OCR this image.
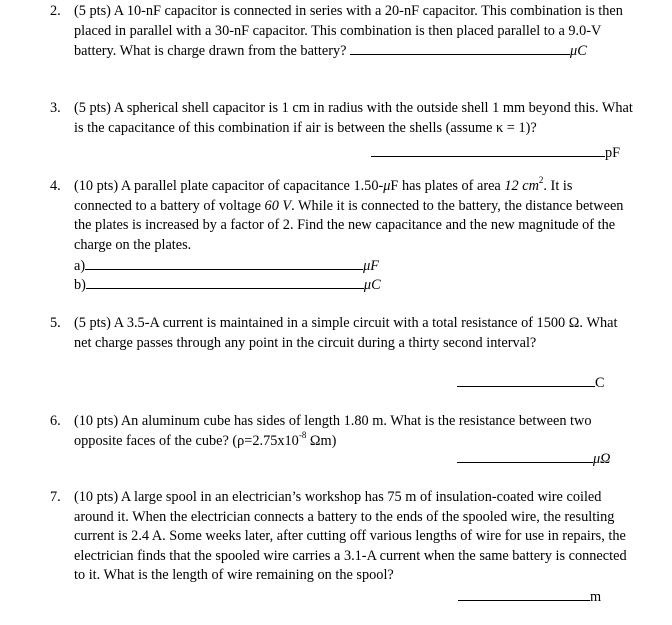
2. (5 pts) A 10-nF capacitor is connected in series with a 20-nF capacitor. This combination is then
placed in parallel with a 30-nF capacitor. This combination is then placed parallel to a 9.0-V
battery. What is charge drawn from the battery?	μC
3. (5 pts) A spherical shell capacitor is 1 cm in radius with the outside shell 1 mm beyond this. What
is the capacitance of this combination if air is between the shells (assume κ = 1)?
pF
4. (10 pts) A parallel plate capacitor of capacitance 1.50-μF has plates of area 12 $cm^2$. It is
connected to a battery of voltage 60 V. While it is connected to the battery, the distance between
the plates is increased by a factor of 2. Find the new capacitance and the new magnitude of the
charge on the plates.
a)	μF
b)	μC
5. (5 pts) A 3.5-A current is maintained in a simple circuit with a total resistance of 1500 Ω. What
net charge passes through any point in the circuit during a thirty second interval?
C
6. (10 pts) An aluminum cube has sides of length 1.80 m. What is the resistance between two
opposite faces of the cube? ($\rho=2.75x10^{-8}$ Ωm)
μΩ
7. (10 pts) A large spool in an electrician’s workshop has 75 m of insulation-coated wire coiled
around it. When the electrician connects a battery to the ends of the spooled wire, the resulting
current is 2.4 A. Some weeks later, after cutting off various lengths of wire for use in repairs, the
electrician finds that the spooled wire carries a 3.1-A current when the same battery is connected
to it. What is the length of wire remaining on the spool?
m
